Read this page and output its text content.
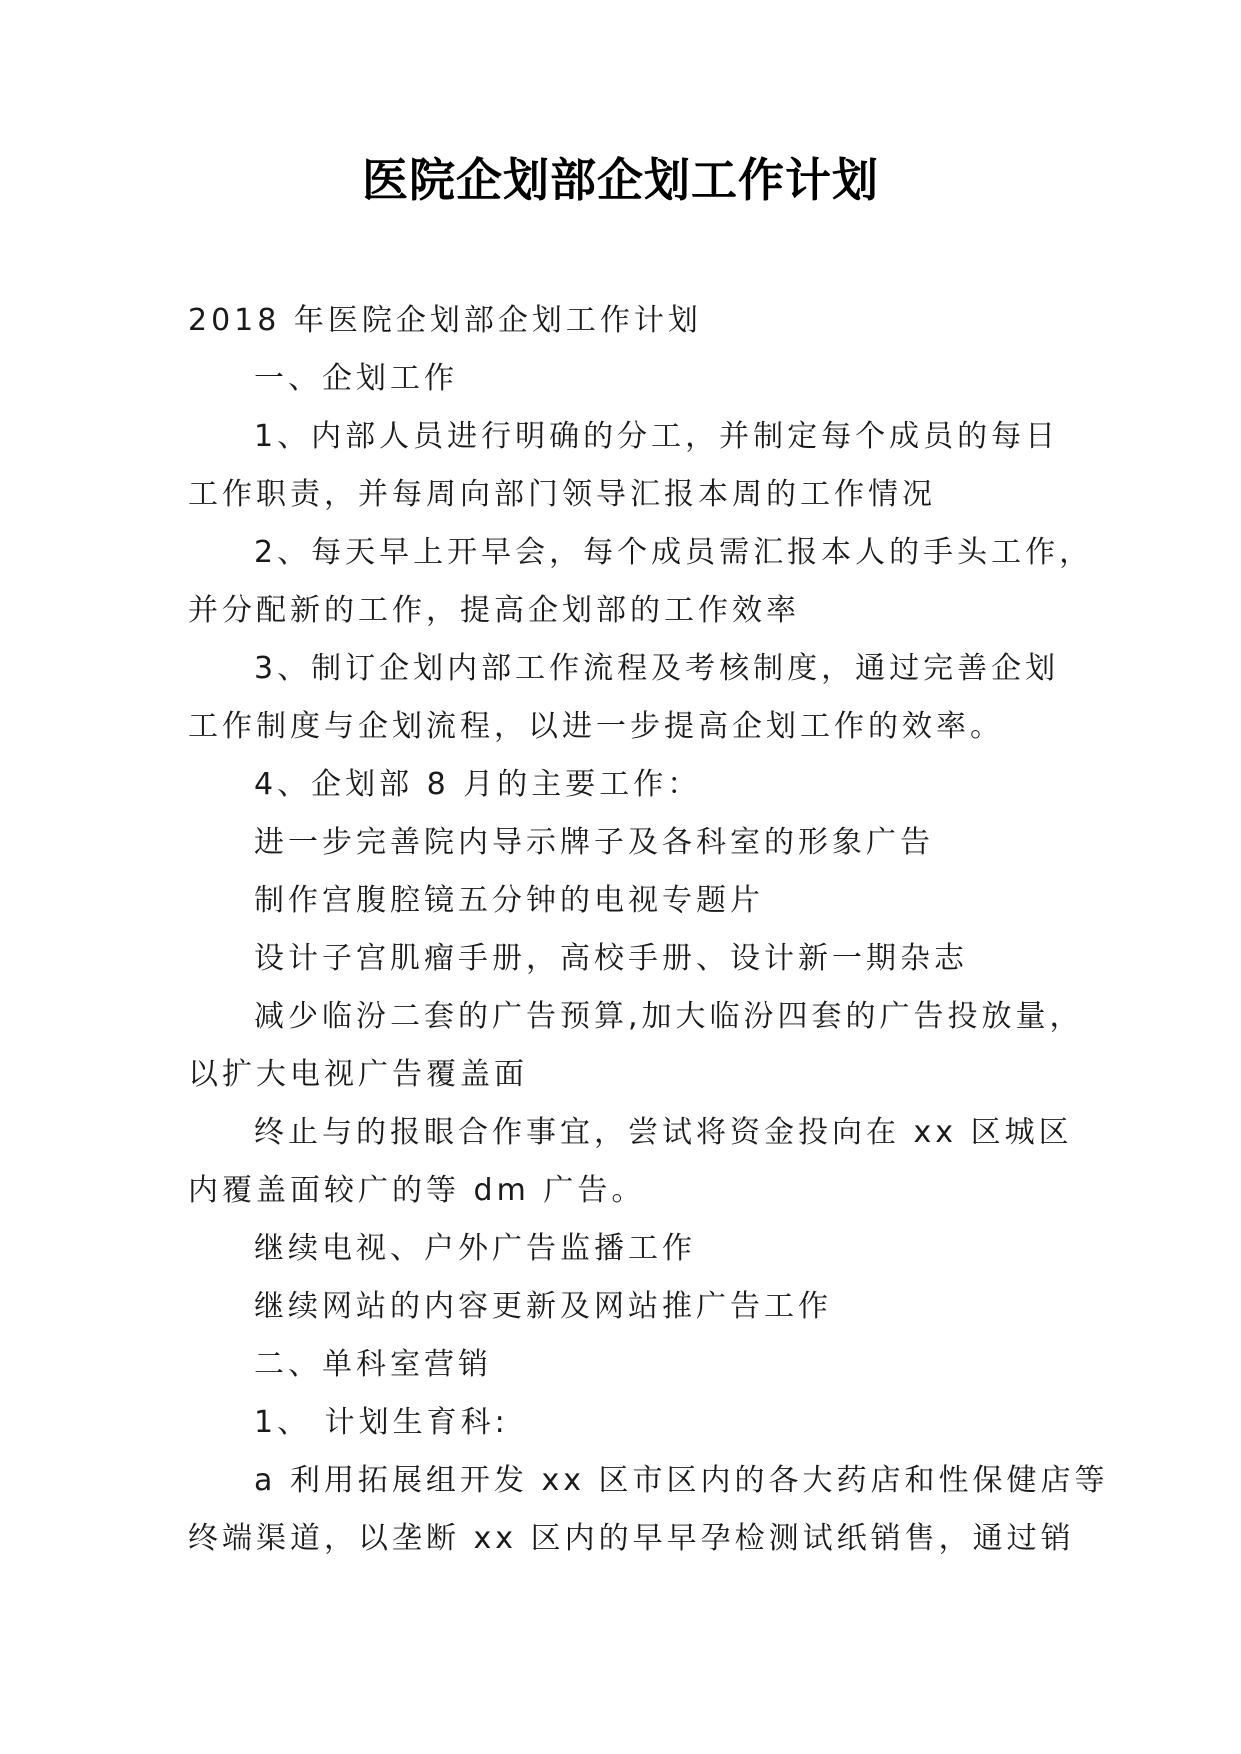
医院企划部企划工作计划

2018 年医院企划部企划工作计划

一、企划工作

1、内部人员进行明确的分工，并制定每个成员的每日

工作职责，并每周向部门领导汇报本周的工作情况

2、每天早上开早会，每个成员需汇报本人的手头工作，

并分配新的工作，提高企划部的工作效率

3、制订企划内部工作流程及考核制度，通过完善企划

工作制度与企划流程，以进一步提高企划工作的效率。

4、企划部 8 月的主要工作：

进一步完善院内导示牌子及各科室的形象广告

制作宫腹腔镜五分钟的电视专题片

设计子宫肌瘤手册，高校手册、设计新一期杂志

减少临汾二套的广告预算,加大临汾四套的广告投放量，

以扩大电视广告覆盖面

终止与的报眼合作事宜，尝试将资金投向在 xx 区城区

内覆盖面较广的等 dm 广告。

继续电视、户外广告监播工作

继续网站的内容更新及网站推广告工作

二、单科室营销

1、 计划生育科:

a 利用拓展组开发 xx 区市区内的各大药店和性保健店等

终端渠道，以垄断 xx 区内的早早孕检测试纸销售，通过销
